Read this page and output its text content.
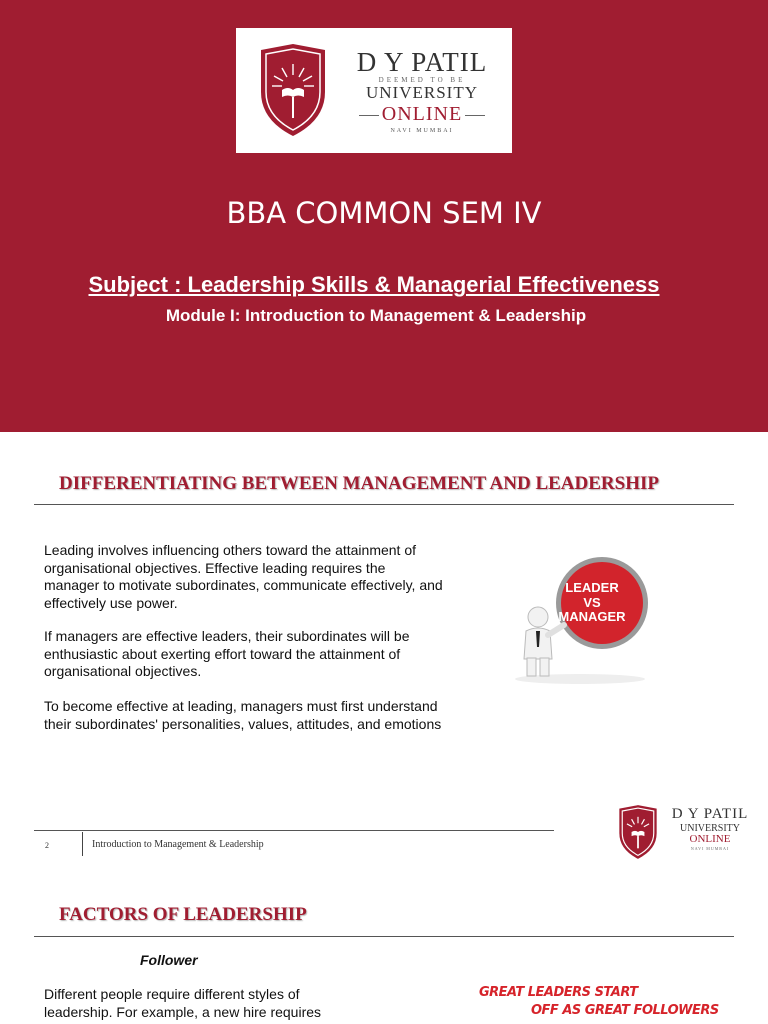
D Y PATIL
DEEMED TO BE
UNIVERSITY
ONLINE
NAVI MUMBAI
BBA COMMON SEM IV
Subject : Leadership Skills & Managerial Effectiveness
Module I: Introduction to Management & Leadership
DIFFERENTIATING BETWEEN MANAGEMENT AND LEADERSHIP

Leading involves influencing others toward the attainment of organisational objectives. Effective leading requires the manager to motivate subordinates, communicate effectively, and effectively use power.

If managers are effective leaders, their subordinates will be enthusiastic about exerting effort toward the attainment of organisational objectives.

To become effective at leading, managers must first understand their subordinates' personalities, values, attitudes, and emotions

LEADER
VS
MANAGER
2	Introduction to Management & Leadership
D Y PATIL
UNIVERSITY
ONLINE
NAVI MUMBAI
FACTORS OF LEADERSHIP
Follower

Different people require different styles of leadership. For example, a new hire requires

GREAT LEADERS START
OFF AS GREAT FOLLOWERS
